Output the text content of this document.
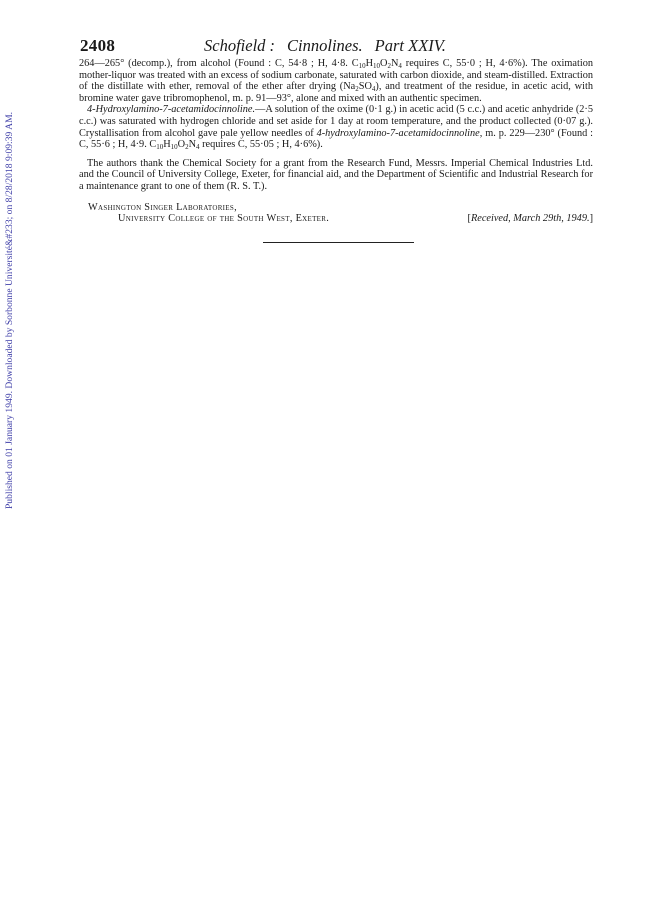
Published on 01 January 1949. Downloaded by Sorbonne Université&#233; on 8/28/2018 9:09:39 AM.
2408	Schofield : Cinnolines. Part XXIV.

264—265° (decomp.), from alcohol (Found : C, 54·8 ; H, 4·8. $C_{10}H_{10}O_2N_4$ requires C, 55·0 ; H, 4·6%). The oximation mother-liquor was treated with an excess of sodium carbonate, saturated with carbon dioxide, and steam-distilled. Extraction of the distillate with ether, removal of the ether after drying $(Na_2SO_4)$, and treatment of the residue, in acetic acid, with bromine water gave tribromophenol, m. p. 91—93°, alone and mixed with an authentic specimen.

4-Hydroxylamino-7-acetamidocinnoline.—A solution of the oxime (0·1 g.) in acetic acid (5 c.c.) and acetic anhydride (2·5 c.c.) was saturated with hydrogen chloride and set aside for 1 day at room temperature, and the product collected (0·07 g.). Crystallisation from alcohol gave pale yellow needles of 4-hydroxylamino-7-acetamidocinnoline, m. p. 229—230° (Found : C, 55·6 ; H, 4·9. $C_{10}H_{10}O_2N_4$ requires C, 55·05 ; H, 4·6%).

The authors thank the Chemical Society for a grant from the Research Fund, Messrs. Imperial Chemical Industries Ltd. and the Council of University College, Exeter, for financial aid, and the Department of Scientific and Industrial Research for a maintenance grant to one of them (R. S. T.).

Washington Singer Laboratories,
University College of the South West, Exeter.	[Received, March 29th, 1949.]
